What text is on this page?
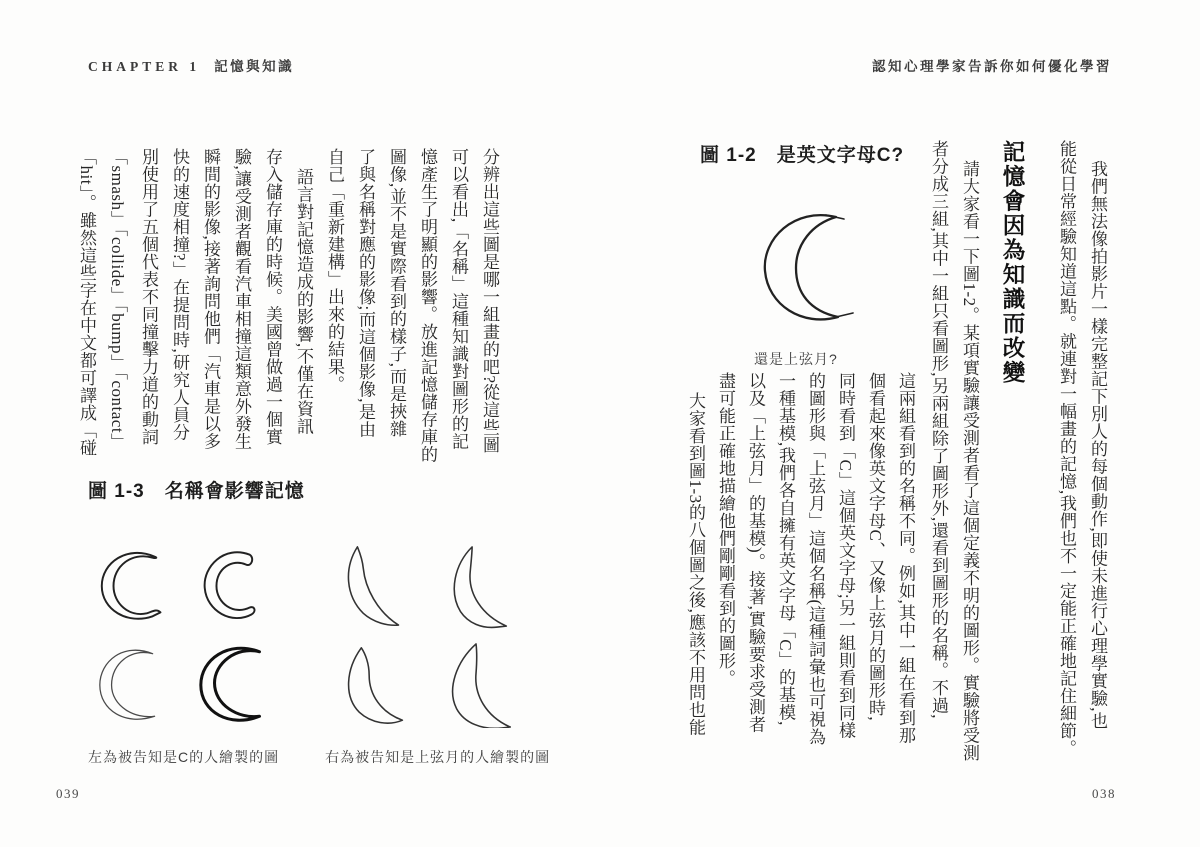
CHAPTER 1 記憶與知識

分辨出這些圖是哪一組畫的吧?從這些圖

可以看出,「名稱」這種知識對圖形的記

憶產生了明顯的影響。放進記憶儲存庫的

圖像,並不是實際看到的樣子,而是挾雜

了與名稱對應的影像;而這個影像,是由

自己「重新建構」出來的結果。

語言對記憶造成的影響,不僅在資訊

存入儲存庫的時候。美國曾做過一個實

驗,讓受測者觀看汽車相撞這類意外發生

瞬間的影像,接著詢問他們「汽車是以多

快的速度相撞?」在提問時,研究人員分

別使用了五個代表不同撞擊力道的動詞

「smash」「collide」「bump」「contact」

「hit」。雖然這些字在中文都可譯成「碰

圖 1-3　名稱會影響記憶
左為被告知是C的人繪製的圖	右為被告知是上弦月的人繪製的圖
039
認知心理學家告訴你如何優化學習

我們無法像拍影片一樣完整記下別人的每個動作,即使未進行心理學實驗,也

能從日常經驗知道這點。就連對一幅畫的記憶,我們也不一定能正確地記住細節。

記憶會因為知識而改變

請大家看一下圖1-2。某項實驗讓受測者看了這個定義不明的圖形。實驗將受測

者分成三組,其中一組只看圖形,另兩組除了圖形外,還看到圖形的名稱。不過,

圖 1-2　是英文字母C?
還是上弦月?

這兩組看到的名稱不同。例如,其中一組在看到那

個看起來像英文字母C、又像上弦月的圖形時,

同時看到「C」這個英文字母;另一組則看到同樣

的圖形與「上弦月」這個名稱(這種詞彙也可視為

一種基模,我們各自擁有英文字母「C」的基模,

以及「上弦月」的基模)。接著,實驗要求受測者

盡可能正確地描繪他們剛剛看到的圖形。

大家看到圖1-3的八個圖之後,應該不用問也能

038
